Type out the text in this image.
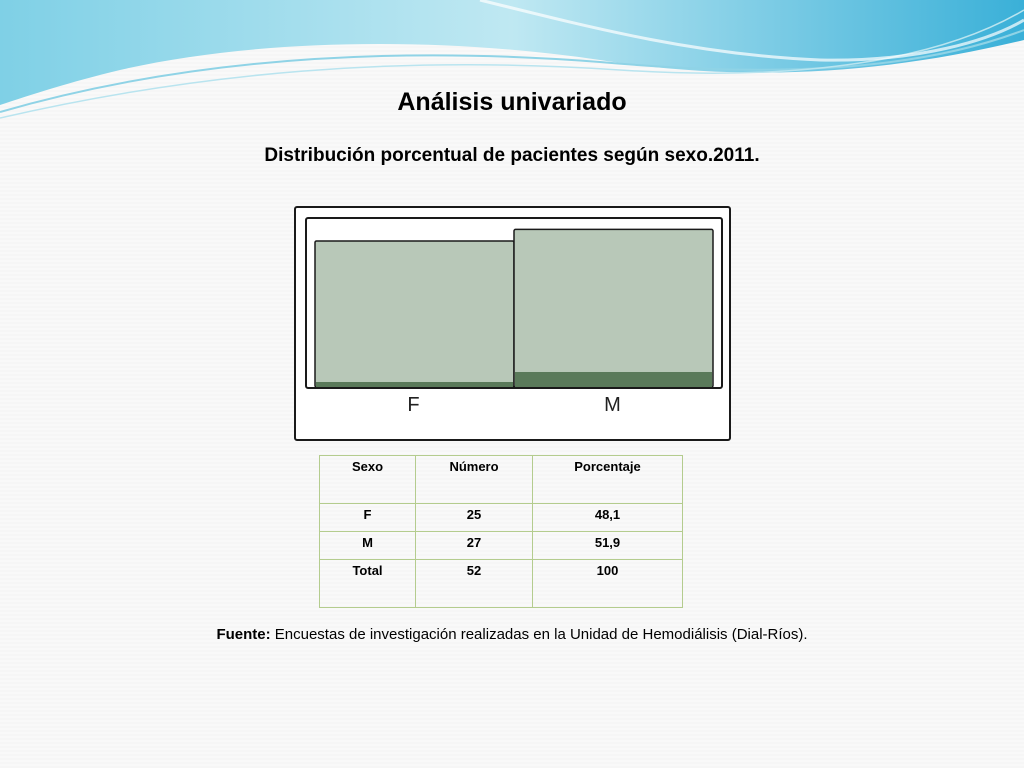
Análisis univariado
Distribución porcentual de pacientes según sexo.2011.
F	M
Sexo	Número	Porcentaje
F	25	48,1
M	27	51,9
Total	52	100
Fuente: Encuestas de investigación realizadas en la Unidad de Hemodiálisis (Dial-Ríos).
